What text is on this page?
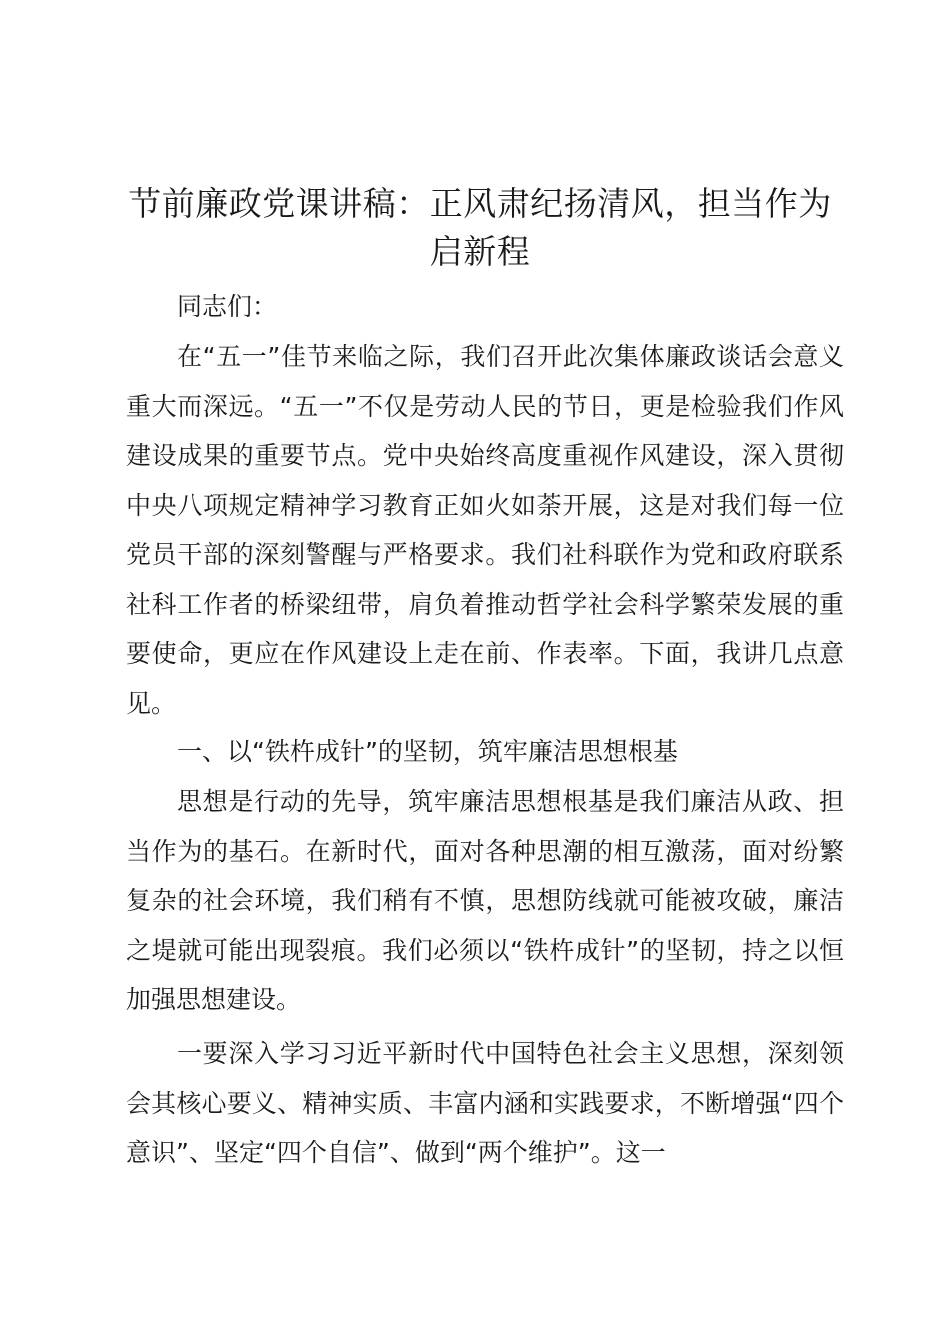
节前廉政党课讲稿：正风肃纪扬清风，担当作为启新程

同志们：

在“五一”佳节来临之际，我们召开此次集体廉政谈话会意义重大而深远。“五一”不仅是劳动人民的节日，更是检验我们作风建设成果的重要节点。党中央始终高度重视作风建设，深入贯彻中央八项规定精神学习教育正如火如荼开展，这是对我们每一位党员干部的深刻警醒与严格要求。我们社科联作为党和政府联系社科工作者的桥梁纽带，肩负着推动哲学社会科学繁荣发展的重要使命，更应在作风建设上走在前、作表率。下面，我讲几点意见。

一、以“铁杵成针”的坚韧，筑牢廉洁思想根基

思想是行动的先导，筑牢廉洁思想根基是我们廉洁从政、担当作为的基石。在新时代，面对各种思潮的相互激荡，面对纷繁复杂的社会环境，我们稍有不慎，思想防线就可能被攻破，廉洁之堤就可能出现裂痕。我们必须以“铁杵成针”的坚韧，持之以恒加强思想建设。

一要深入学习习近平新时代中国特色社会主义思想，深刻领会其核心要义、精神实质、丰富内涵和实践要求，不断增强“四个意识”、坚定“四个自信”、做到“两个维护”。这一
